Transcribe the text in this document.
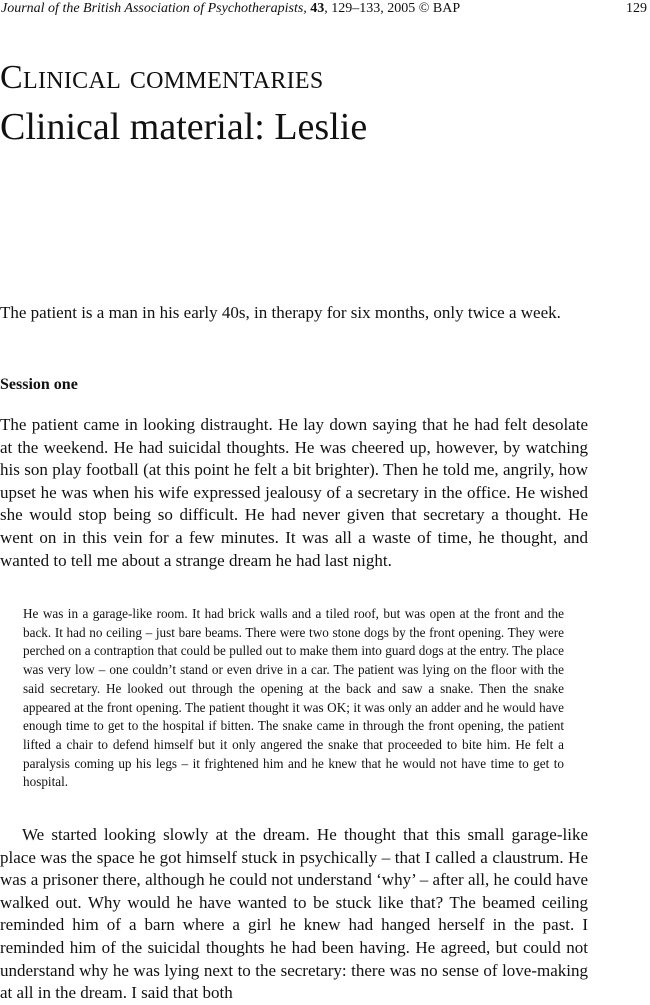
Journal of the British Association of Psychotherapists, 43, 129–133, 2005 © BAP	129
Clinical commentaries
Clinical material: Leslie

The patient is a man in his early 40s, in therapy for six months, only twice a week.

Session one

The patient came in looking distraught. He lay down saying that he had felt desolate at the weekend. He had suicidal thoughts. He was cheered up, however, by watching his son play football (at this point he felt a bit brighter). Then he told me, angrily, how upset he was when his wife expressed jealousy of a secretary in the office. He wished she would stop being so difficult. He had never given that secretary a thought. He went on in this vein for a few minutes. It was all a waste of time, he thought, and wanted to tell me about a strange dream he had last night.

He was in a garage-like room. It had brick walls and a tiled roof, but was open at the front and the back. It had no ceiling – just bare beams. There were two stone dogs by the front opening. They were perched on a contraption that could be pulled out to make them into guard dogs at the entry. The place was very low – one couldn’t stand or even drive in a car. The patient was lying on the floor with the said secretary. He looked out through the opening at the back and saw a snake. Then the snake appeared at the front opening. The patient thought it was OK; it was only an adder and he would have enough time to get to the hospital if bitten. The snake came in through the front opening, the patient lifted a chair to defend himself but it only angered the snake that proceeded to bite him. He felt a paralysis coming up his legs – it frightened him and he knew that he would not have time to get to hospital.

We started looking slowly at the dream. He thought that this small garage-like place was the space he got himself stuck in psychically – that I called a claustrum. He was a prisoner there, although he could not understand ‘why’ – after all, he could have walked out. Why would he have wanted to be stuck like that? The beamed ceiling reminded him of a barn where a girl he knew had hanged herself in the past. I reminded him of the suicidal thoughts he had been having. He agreed, but could not understand why he was lying next to the secretary: there was no sense of love-making at all in the dream. I said that both
